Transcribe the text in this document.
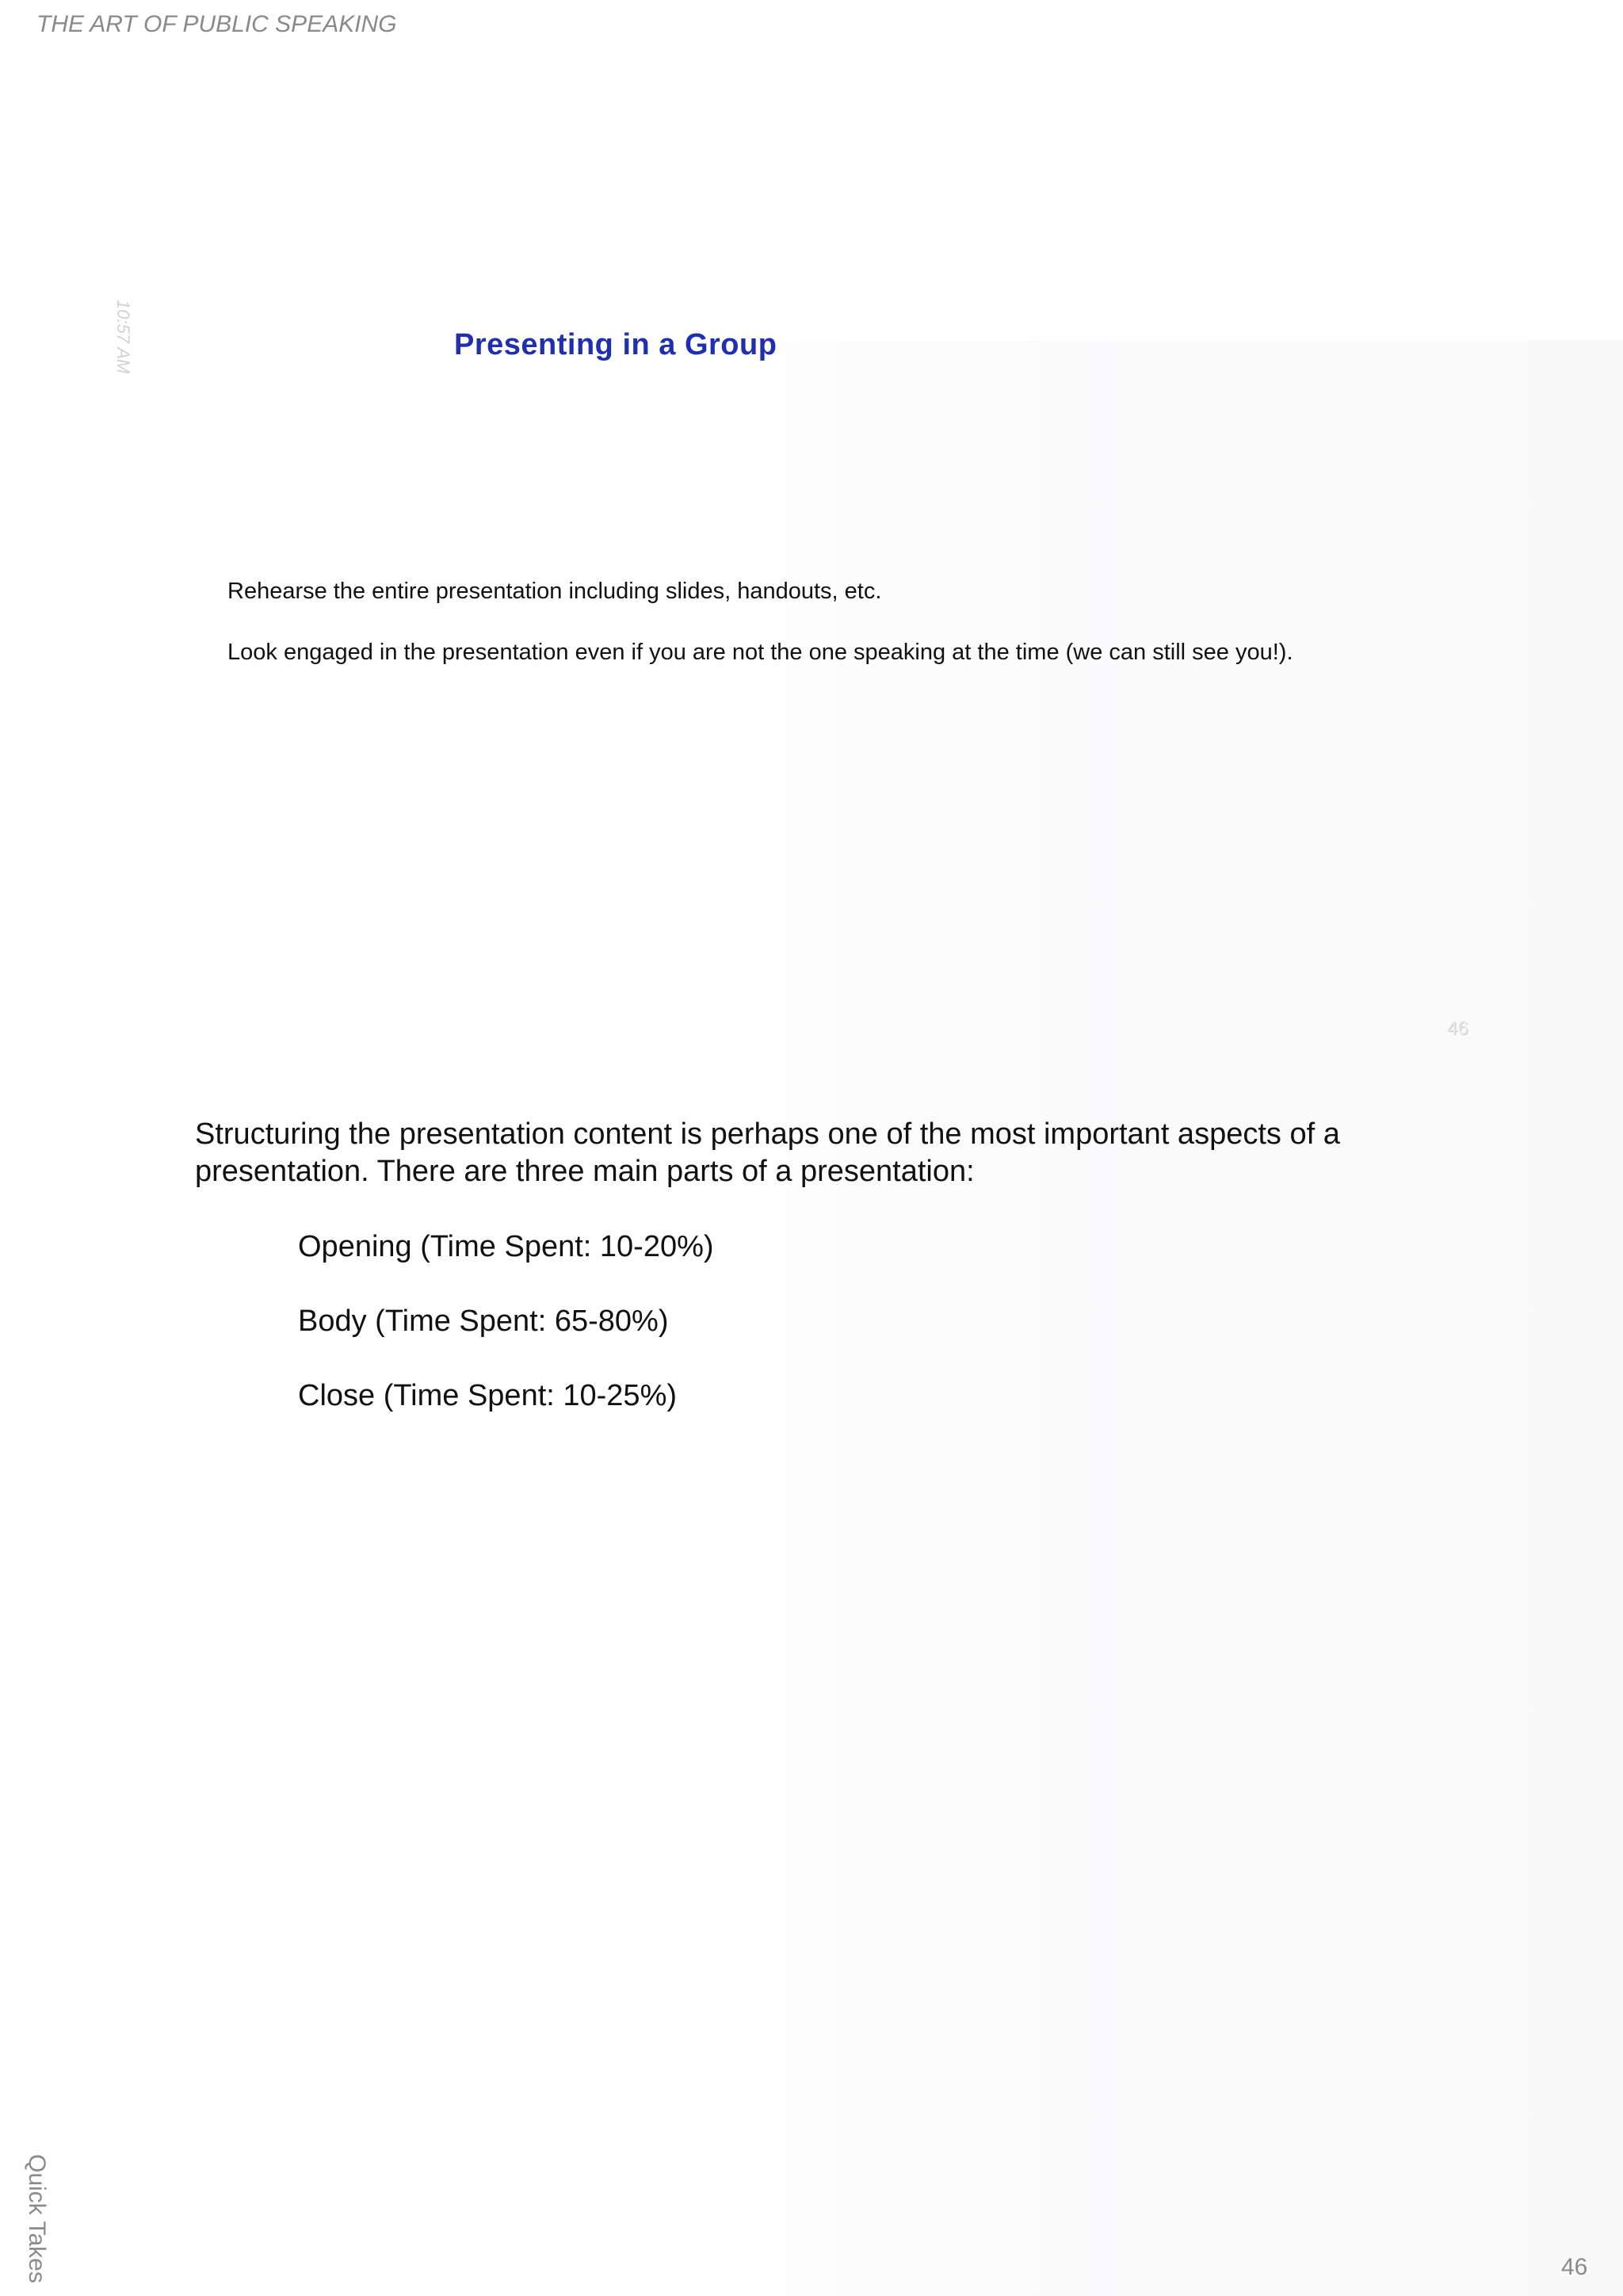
THE ART OF PUBLIC SPEAKING
10:57 AM	Presenting in a Group
Rehearse the entire presentation including slides, handouts, etc.
Look engaged in the presentation even if you are not the one speaking at the time (we can still see you!).
46

Structuring the presentation content is perhaps one of the most important aspects of a presentation. There are three main parts of a presentation:

Opening (Time Spent: 10-20%)
Body (Time Spent: 65-80%)
Close (Time Spent: 10-25%)
Quick Takes	46
